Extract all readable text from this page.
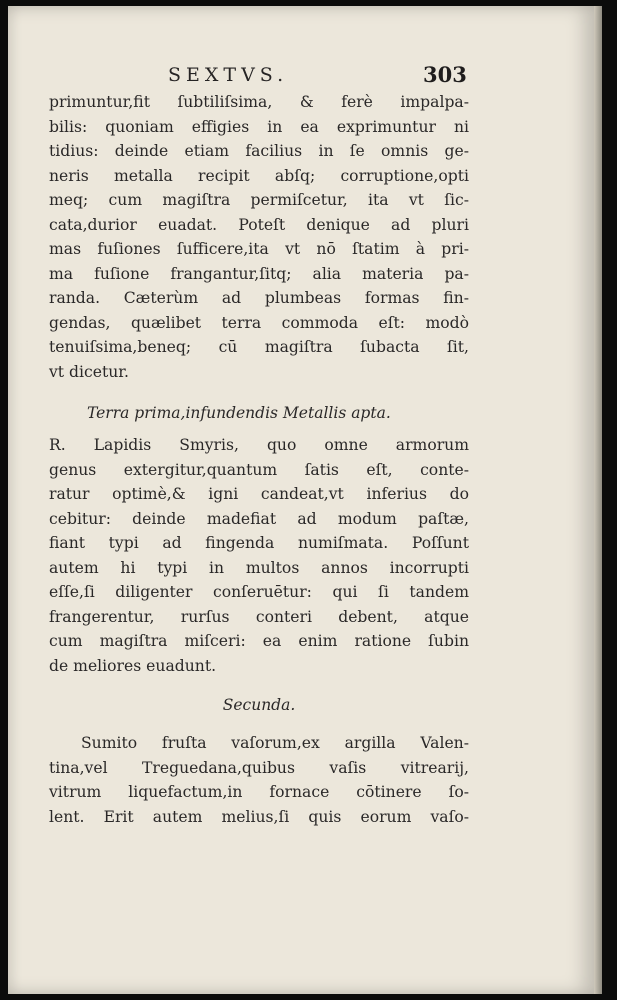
SEXTVS.	303
primuntur,fit ſubtiliſsima, & ferè impalpa-
bilis: quoniam effigies in ea exprimuntur ni
tidius: deinde etiam facilius in ſe omnis ge-
neris metalla recipit abſq; corruptione,opti
meq; cum magiſtra permiſcetur, ita vt ſic-
cata,durior euadat. Poteſt denique ad pluri
mas fuſiones ſufficere,ita vt nō ſtatim à pri-
ma fuſione frangantur,ſitq; alia materia pa-
randa. Cæterùm ad plumbeas formas fin-
gendas, quælibet terra commoda eſt: modò
tenuiſsima,beneq; cū magiſtra ſubacta ſit,
vt dicetur.
Terra prima,infundendis Metallis apta.
R. Lapidis Smyris, quo omne armorum
genus extergitur,quantum ſatis eſt, conte-
ratur optimè,& igni candeat,vt inferius do
cebitur: deinde madefiat ad modum paſtæ,
fiant typi ad fingenda numiſmata. Poſſunt
autem hi typi in multos annos incorrupti
eſſe,ſi diligenter conſeruētur: qui ſi tandem
frangerentur, rurſus conteri debent, atque
cum magiſtra miſceri: ea enim ratione ſubin
de meliores euadunt.
Secunda.
Sumito fruſta vaſorum,ex argilla Valen-
tina,vel Treguedana,quibus vaſis vitrearij,
vitrum liquefactum,in fornace cōtinere ſo-
lent. Erit autem melius,ſi quis eorum vaſo-
